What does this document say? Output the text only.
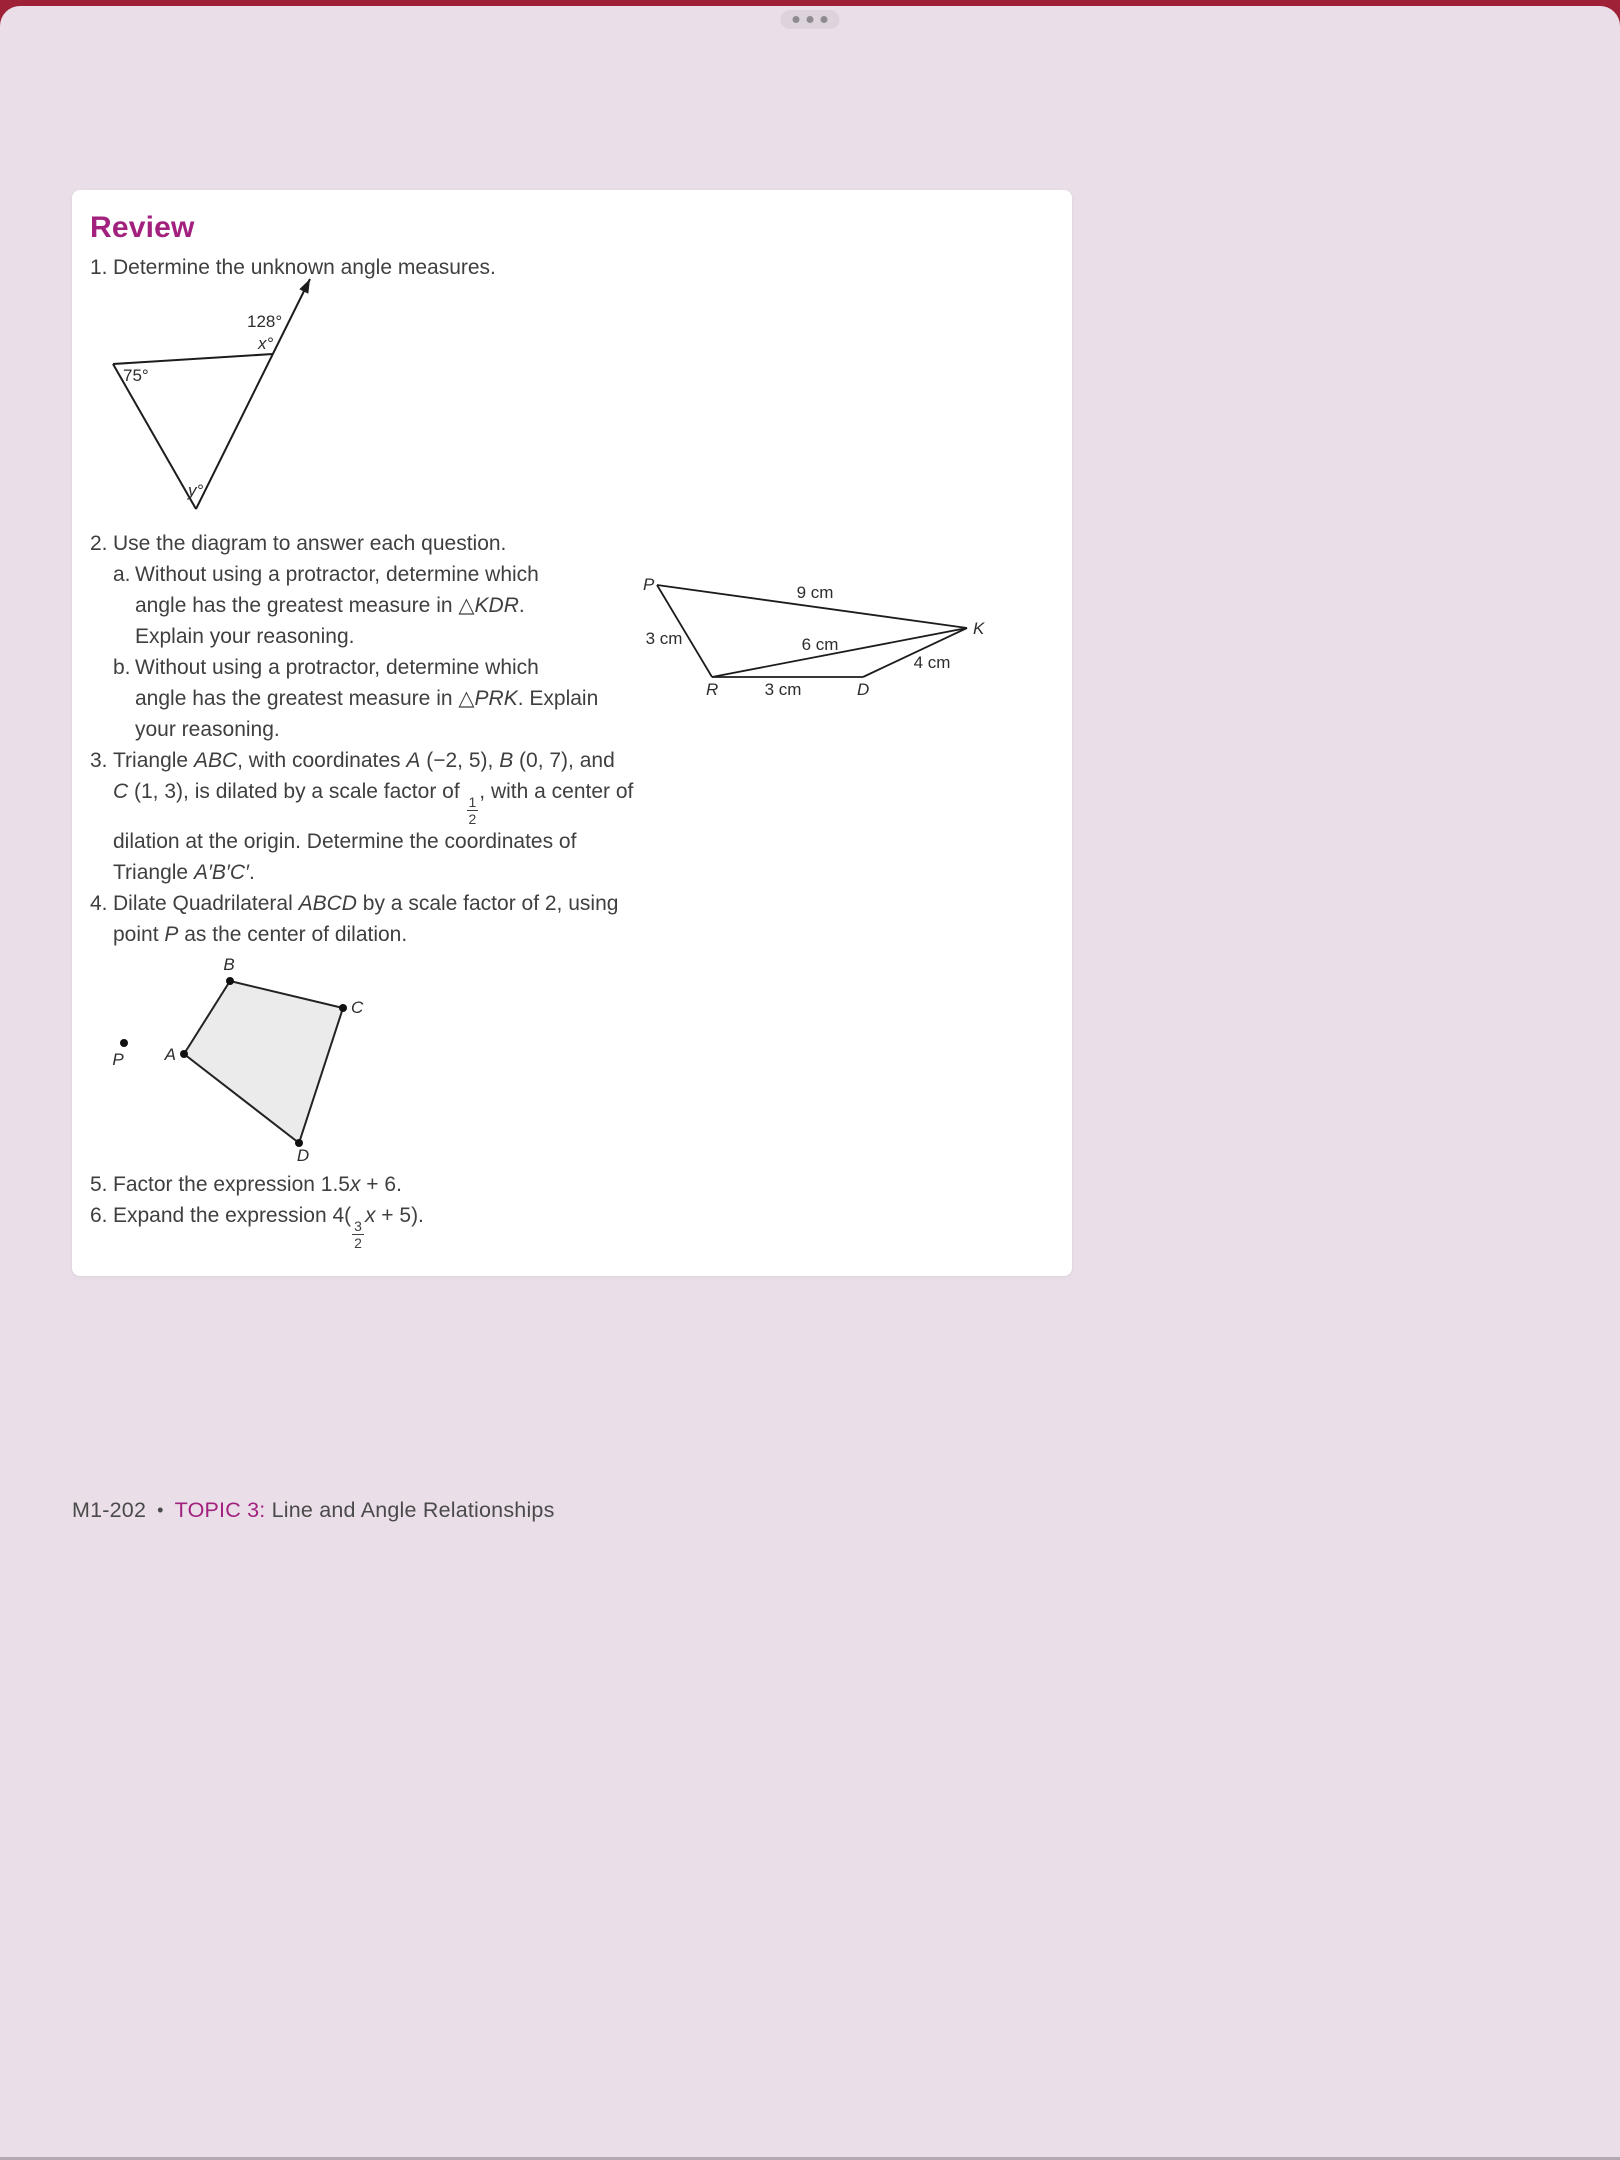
Review
1. Determine the unknown angle measures.
128°
x°
75°
y°
2. Use the diagram to answer each question.
a. Without using a protractor, determine which
angle has the greatest measure in △KDR.
Explain your reasoning.
b. Without using a protractor, determine which
angle has the greatest measure in △PRK. Explain
your reasoning.
3. Triangle ABC, with coordinates A (−2, 5), B (0, 7), and
C (1, 3), is dilated by a scale factor of
$\frac{1}{2}$
, with a center of
dilation at the origin. Determine the coordinates of
Triangle A′B′C′.
4. Dilate Quadrilateral ABCD by a scale factor of 2, using
point P as the center of dilation.
B
C
A
D
P
5. Factor the expression 1.5x + 6.
6. Expand the expression 4(
$\frac{3}{2}$
x + 5).
P
K
R	D
9 cm
3 cm	6 cm
4 cm
3 cm
M1-202 • TOPIC 3: Line and Angle Relationships
